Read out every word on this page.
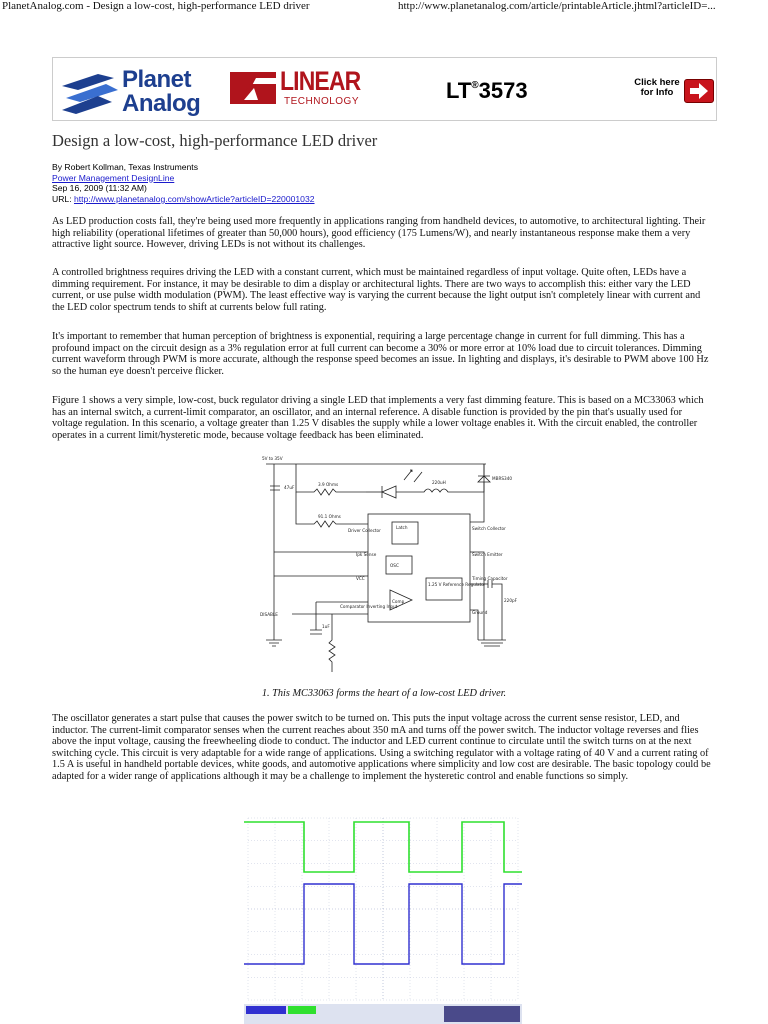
PlanetAnalog.com - Design a low-cost, high-performance LED driver	http://www.planetanalog.com/article/printableArticle.jhtml?articleID=...
Planet
Analog
LINEAR
TECHNOLOGY	LT®3573	Click here
for Info
Design a low-cost, high-performance LED driver
By Robert Kollman, Texas Instruments
Power Management DesignLine
Sep 16, 2009 (11:32 AM)
URL: http://www.planetanalog.com/showArticle?articleID=220001032

As LED production costs fall, they're being used more frequently in applications ranging from handheld devices, to automotive, to architectural lighting. Their high reliability (operational lifetimes of greater than 50,000 hours), good efficiency (175 Lumens/W), and nearly instantaneous response make them a very attractive light source. However, driving LEDs is not without its challenges.

A controlled brightness requires driving the LED with a constant current, which must be maintained regardless of input voltage. Quite often, LEDs have a dimming requirement. For instance, it may be desirable to dim a display or architectural lights. There are two ways to accomplish this: either vary the LED current, or use pulse width modulation (PWM). The least effective way is varying the current because the light output isn't completely linear with current and the LED color spectrum tends to shift at currents below full rating.

It's important to remember that human perception of brightness is exponential, requiring a large percentage change in current for full dimming. This has a profound impact on the circuit design as a 3% regulation error at full current can become a 30% or more error at 10% load due to circuit tolerances. Dimming current waveform through PWM is more accurate, although the response speed becomes an issue. In lighting and displays, it's desirable to PWM above 100 Hz so the human eye doesn't perceive flicker.

Figure 1 shows a very simple, low-cost, buck regulator driving a single LED that implements a very fast dimming feature. This is based on a MC33063 which has an internal switch, a current-limit comparator, an oscillator, and an internal reference. A disable function is provided by the pin that's usually used for voltage regulation. In this scenario, a voltage greater than 1.25 V disables the supply while a lower voltage enables it. With the circuit enabled, the controller operates in a current limit/hysteretic mode, because voltage feedback has been eliminated.

5V to 35V
47uF
3.9 Ohms
91.1 Ohms
220uH
MBRS340
Driver Collector	Switch Collector
Ipk Sense
VCC
Switch Emitter
Timing Capacitor
Comparator Inverting Input
Ground
Latch
OSC
1.25 V Reference Regulator
Comp	220pF
1uF
DISABLE
1. This MC33063 forms the heart of a low-cost LED driver.

The oscillator generates a start pulse that causes the power switch to be turned on. This puts the input voltage across the current sense resistor, LED, and inductor. The current-limit comparator senses when the current reaches about 350 mA and turns off the power switch. The inductor voltage reverses and flies above the input voltage, causing the freewheeling diode to conduct. The inductor and LED current continue to circulate until the switch turns on at the next switching cycle. This circuit is very adaptable for a wide range of applications. Using a switching regulator with a voltage rating of 40 V and a current rating of 1.5 A is useful in handheld portable devices, white goods, and automotive applications where simplicity and low cost are desirable. The basic topology could be adapted for a wider range of applications although it may be a challenge to implement the hysteretic control and enable functions so simply.
